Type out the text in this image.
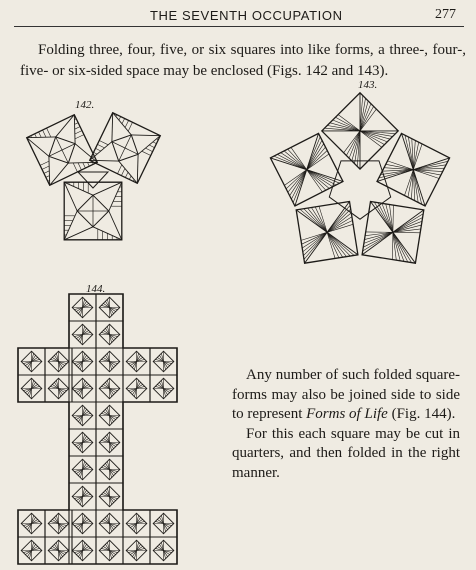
THE SEVENTH OCCUPATION	277
Folding three, four, five, or six squares into like forms, a three-, four-, five- or six-sided space may be enclosed (Figs. 142 and 143).
142.
143.
144.

Any number of such folded square-forms may also be joined side to side to represent Forms of Life (Fig. 144).

For this each square may be cut in quarters, and then folded in the right manner.
